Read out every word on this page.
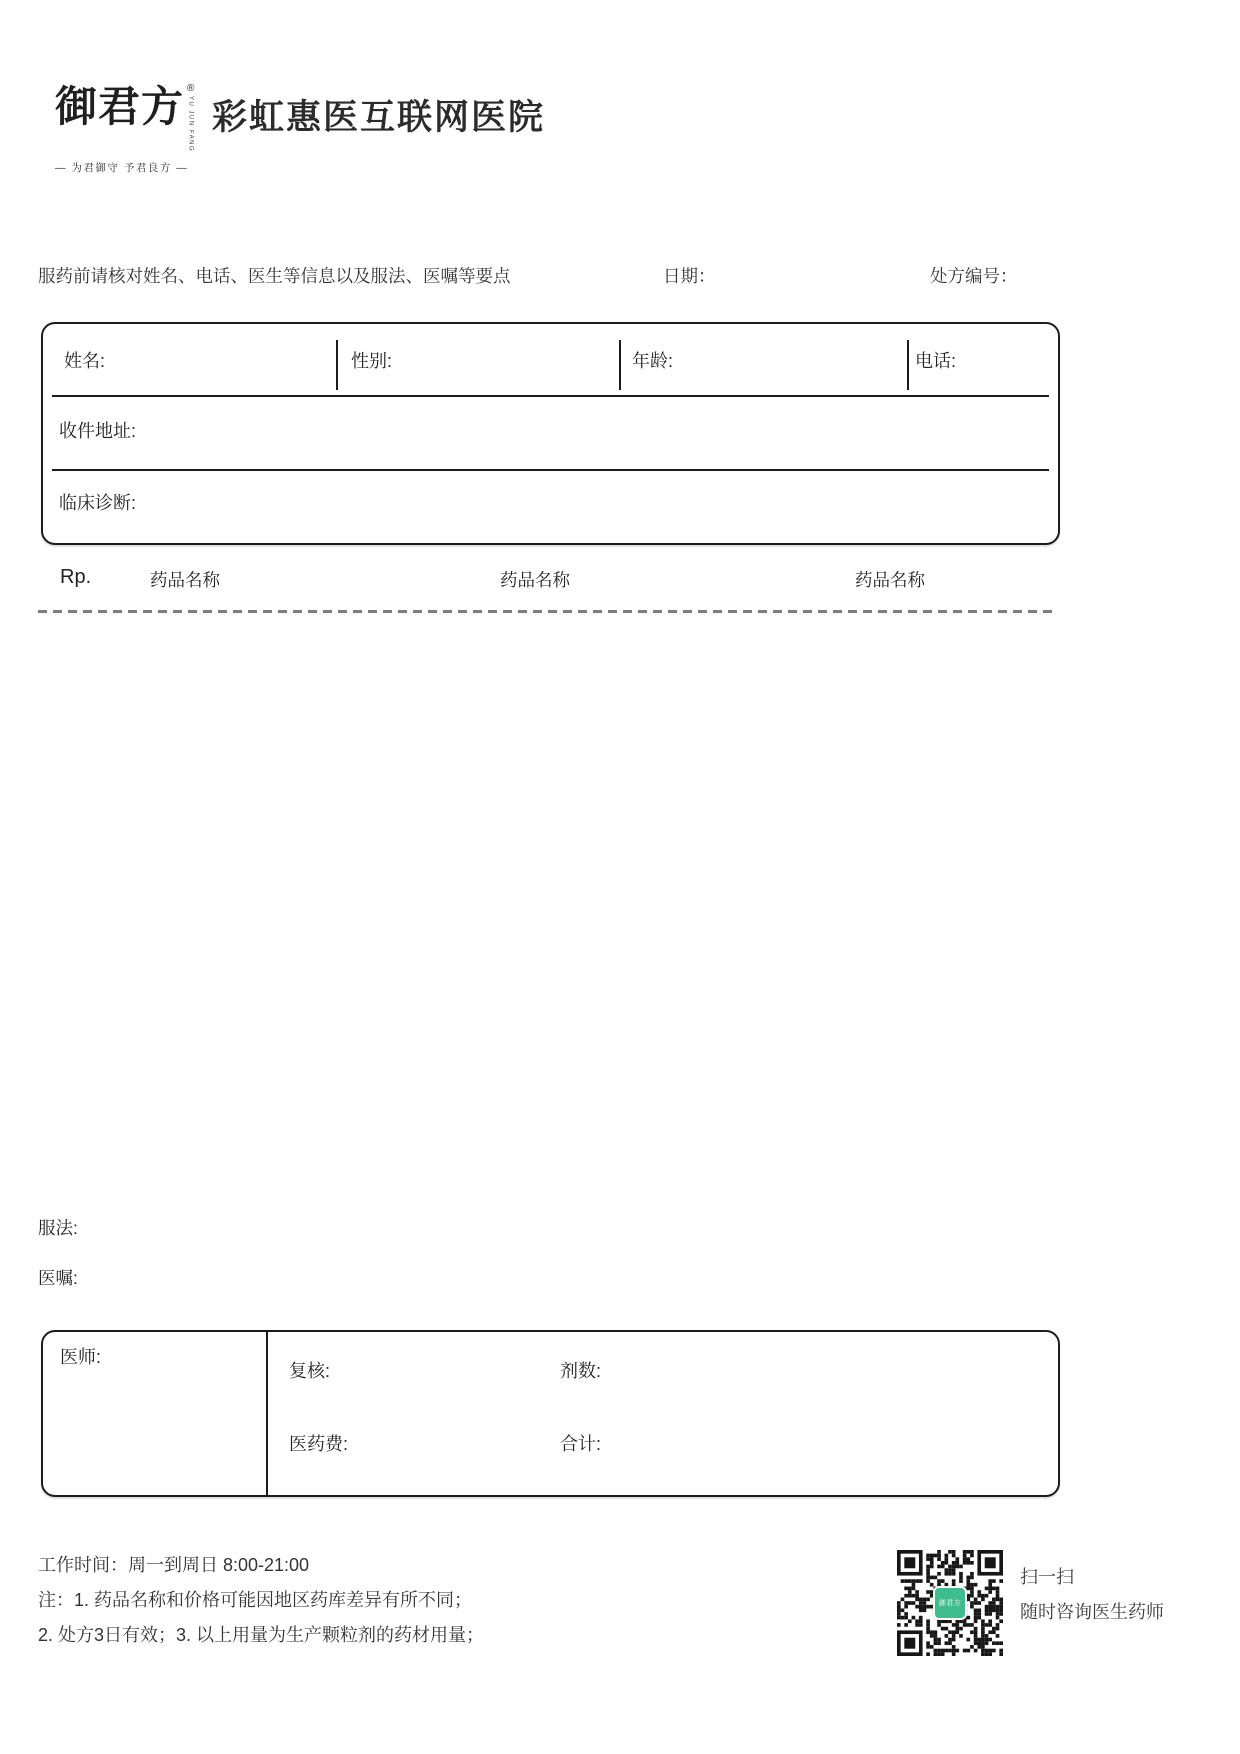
御君方 ®
YU JUN FANG
— 为君御守 予君良方 —
彩虹惠医互联网医院
服药前请核对姓名、电话、医生等信息以及服法、医嘱等要点	日期：	处方编号：
姓名:	性别:	年龄:	电话:
收件地址:
临床诊断:
Rp.	药品名称	药品名称	药品名称
服法:
医嘱:
医师:
复核:	剂数:
医药费:	合计:
工作时间：周一到周日 8:00-21:00
注：1. 药品名称和价格可能因地区药库差异有所不同；
2. 处方3日有效；3. 以上用量为生产颗粒剂的药材用量；
御君方
扫一扫
随时咨询医生药师
